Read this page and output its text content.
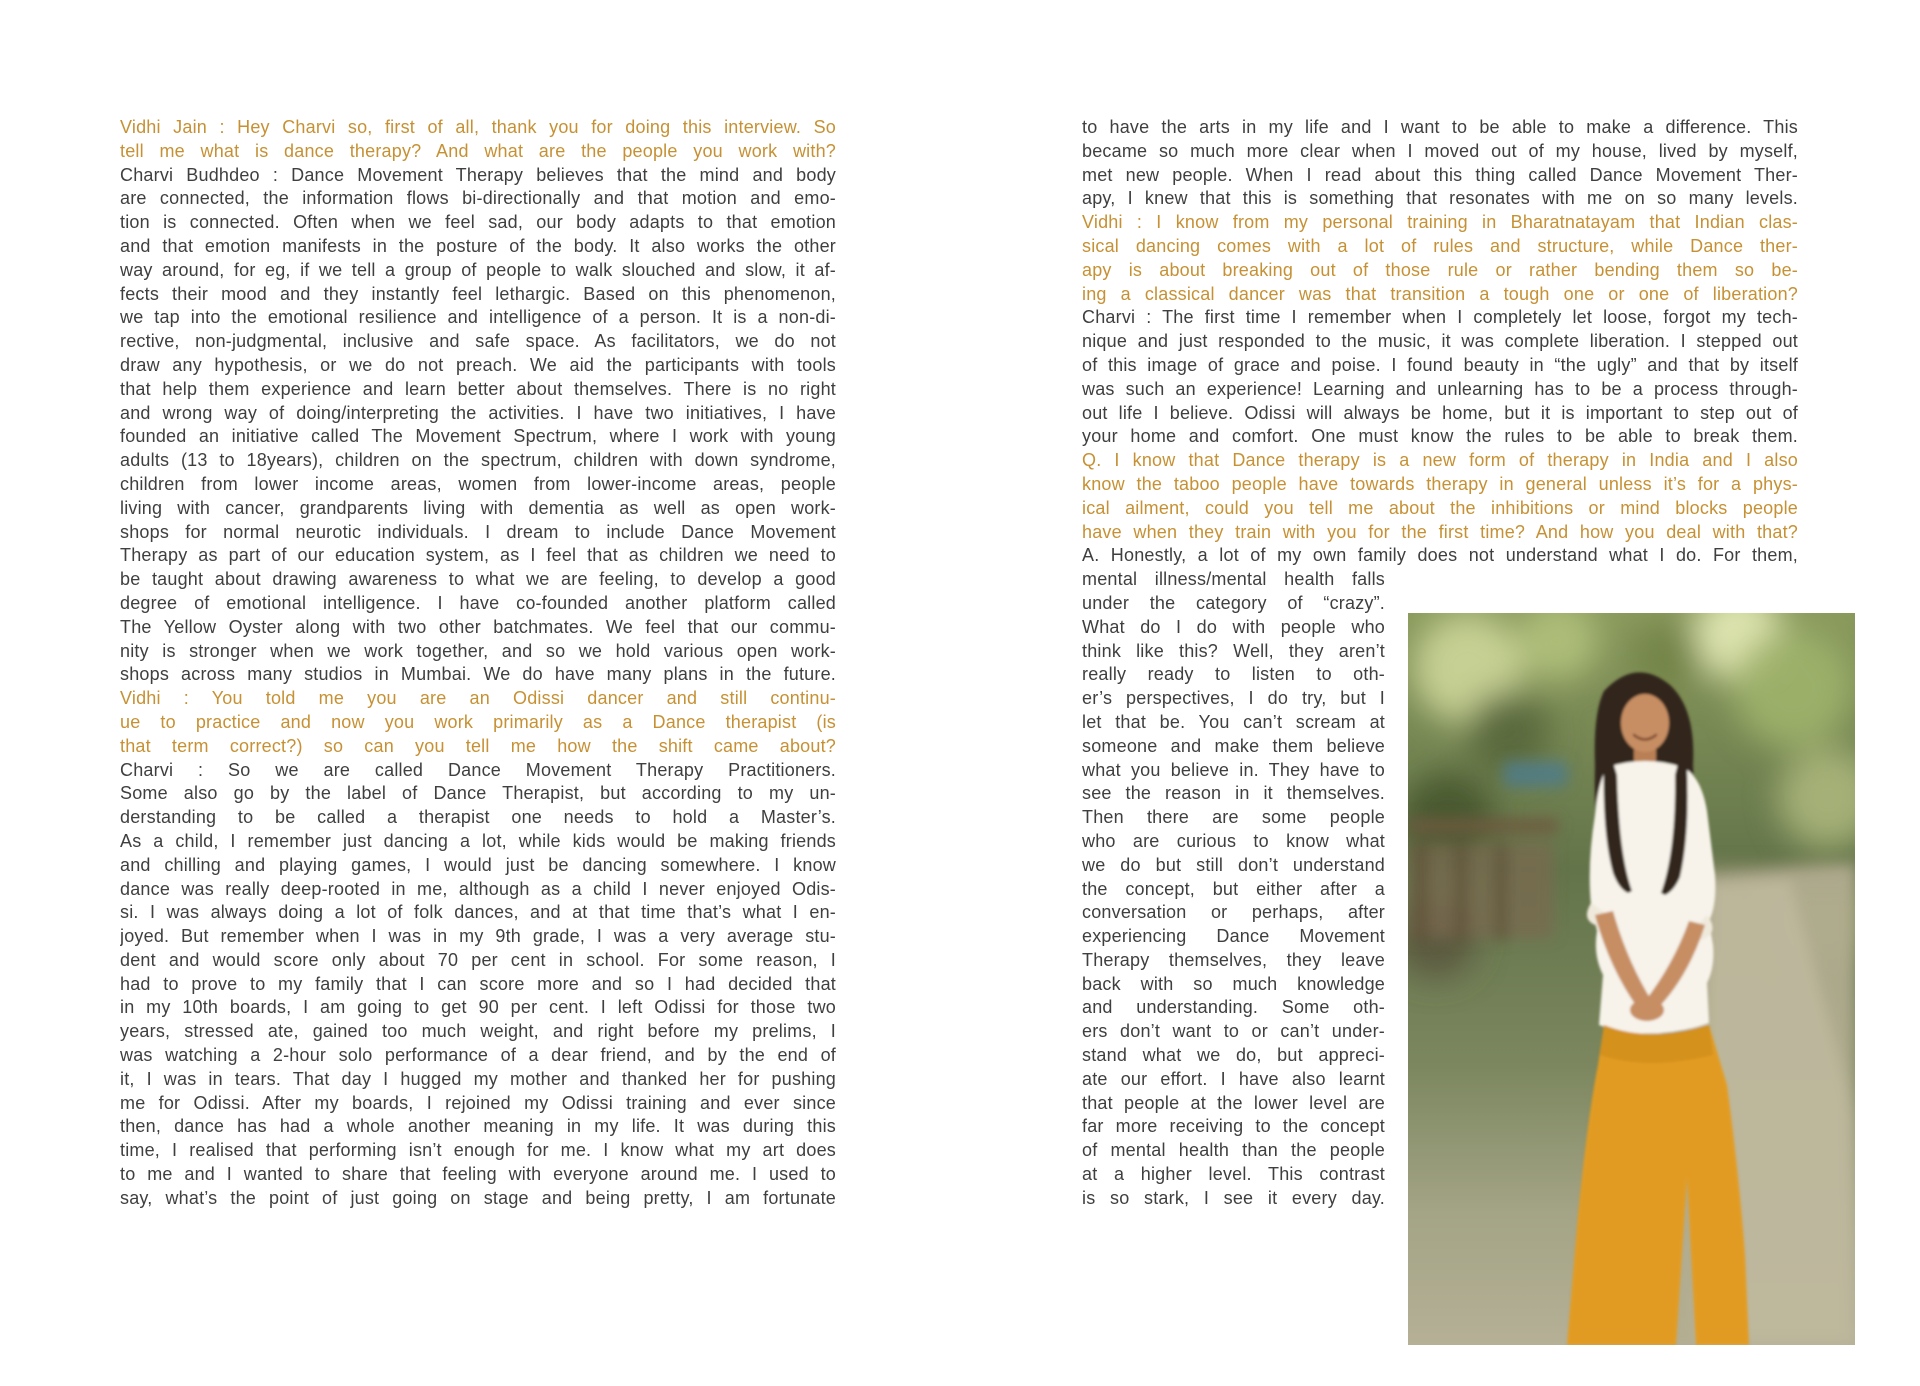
Vidhi Jain : Hey Charvi so, first of all, thank you for doing this interview. So
tell me what is dance therapy? And what are the people you work with?
Charvi Budhdeo : Dance Movement Therapy believes that the mind and body
are connected, the information flows bi-directionally and that motion and emo-
tion is connected. Often when we feel sad, our body adapts to that emotion
and that emotion manifests in the posture of the body. It also works the other
way around, for eg, if we tell a group of people to walk slouched and slow, it af-
fects their mood and they instantly feel lethargic. Based on this phenomenon,
we tap into the emotional resilience and intelligence of a person. It is a non-di-
rective, non-judgmental, inclusive and safe space. As facilitators, we do not
draw any hypothesis, or we do not preach. We aid the participants with tools
that help them experience and learn better about themselves. There is no right
and wrong way of doing/interpreting the activities. I have two initiatives, I have
founded an initiative called The Movement Spectrum, where I work with young
adults (13 to 18years), children on the spectrum, children with down syndrome,
children from lower income areas, women from lower-income areas, people
living with cancer, grandparents living with dementia as well as open work-
shops for normal neurotic individuals. I dream to include Dance Movement
Therapy as part of our education system, as I feel that as children we need to
be taught about drawing awareness to what we are feeling, to develop a good
degree of emotional intelligence. I have co-founded another platform called
The Yellow Oyster along with two other batchmates. We feel that our commu-
nity is stronger when we work together, and so we hold various open work-
shops across many studios in Mumbai. We do have many plans in the future.
Vidhi : You told me you are an Odissi dancer and still continu-
ue to practice and now you work primarily as a Dance therapist (is
that term correct?) so can you tell me how the shift came about?
Charvi : So we are called Dance Movement Therapy Practitioners.
Some also go by the label of Dance Therapist, but according to my un-
derstanding to be called a therapist one needs to hold a Master’s.
As a child, I remember just dancing a lot, while kids would be making friends
and chilling and playing games, I would just be dancing somewhere. I know
dance was really deep-rooted in me, although as a child I never enjoyed Odis-
si. I was always doing a lot of folk dances, and at that time that’s what I en-
joyed. But remember when I was in my 9th grade, I was a very average stu-
dent and would score only about 70 per cent in school. For some reason, I
had to prove to my family that I can score more and so I had decided that
in my 10th boards, I am going to get 90 per cent. I left Odissi for those two
years, stressed ate, gained too much weight, and right before my prelims, I
was watching a 2-hour solo performance of a dear friend, and by the end of
it, I was in tears. That day I hugged my mother and thanked her for pushing
me for Odissi. After my boards, I rejoined my Odissi training and ever since
then, dance has had a whole another meaning in my life. It was during this
time, I realised that performing isn’t enough for me. I know what my art does
to me and I wanted to share that feeling with everyone around me. I used to
say, what’s the point of just going on stage and being pretty, I am fortunate
to have the arts in my life and I want to be able to make a difference. This
became so much more clear when I moved out of my house, lived by myself,
met new people. When I read about this thing called Dance Movement Ther-
apy, I knew that this is something that resonates with me on so many levels.
Vidhi : I know from my personal training in Bharatnatayam that Indian clas-
sical dancing comes with a lot of rules and structure, while Dance ther-
apy is about breaking out of those rule or rather bending them so be-
ing a classical dancer was that transition a tough one or one of liberation?
Charvi : The first time I remember when I completely let loose, forgot my tech-
nique and just responded to the music, it was complete liberation. I stepped out
of this image of grace and poise. I found beauty in “the ugly” and that by itself
was such an experience! Learning and unlearning has to be a process through-
out life I believe. Odissi will always be home, but it is important to step out of
your home and comfort. One must know the rules to be able to break them.
Q. I know that Dance therapy is a new form of therapy in India and I also
know the taboo people have towards therapy in general unless it’s for a phys-
ical ailment, could you tell me about the inhibitions or mind blocks people
have when they train with you for the first time? And how you deal with that?
A. Honestly, a lot of my own family does not understand what I do. For them,
mental illness/mental health falls
under the category of “crazy”.
What do I do with people who
think like this? Well, they aren’t
really ready to listen to oth-
er’s perspectives, I do try, but I
let that be. You can’t scream at
someone and make them believe
what you believe in. They have to
see the reason in it themselves.
Then there are some people
who are curious to know what
we do but still don’t understand
the concept, but either after a
conversation or perhaps, after
experiencing Dance Movement
Therapy themselves, they leave
back with so much knowledge
and understanding. Some oth-
ers don’t want to or can’t under-
stand what we do, but appreci-
ate our effort. I have also learnt
that people at the lower level are
far more receiving to the concept
of mental health than the people
at a higher level. This contrast
is so stark, I see it every day.
